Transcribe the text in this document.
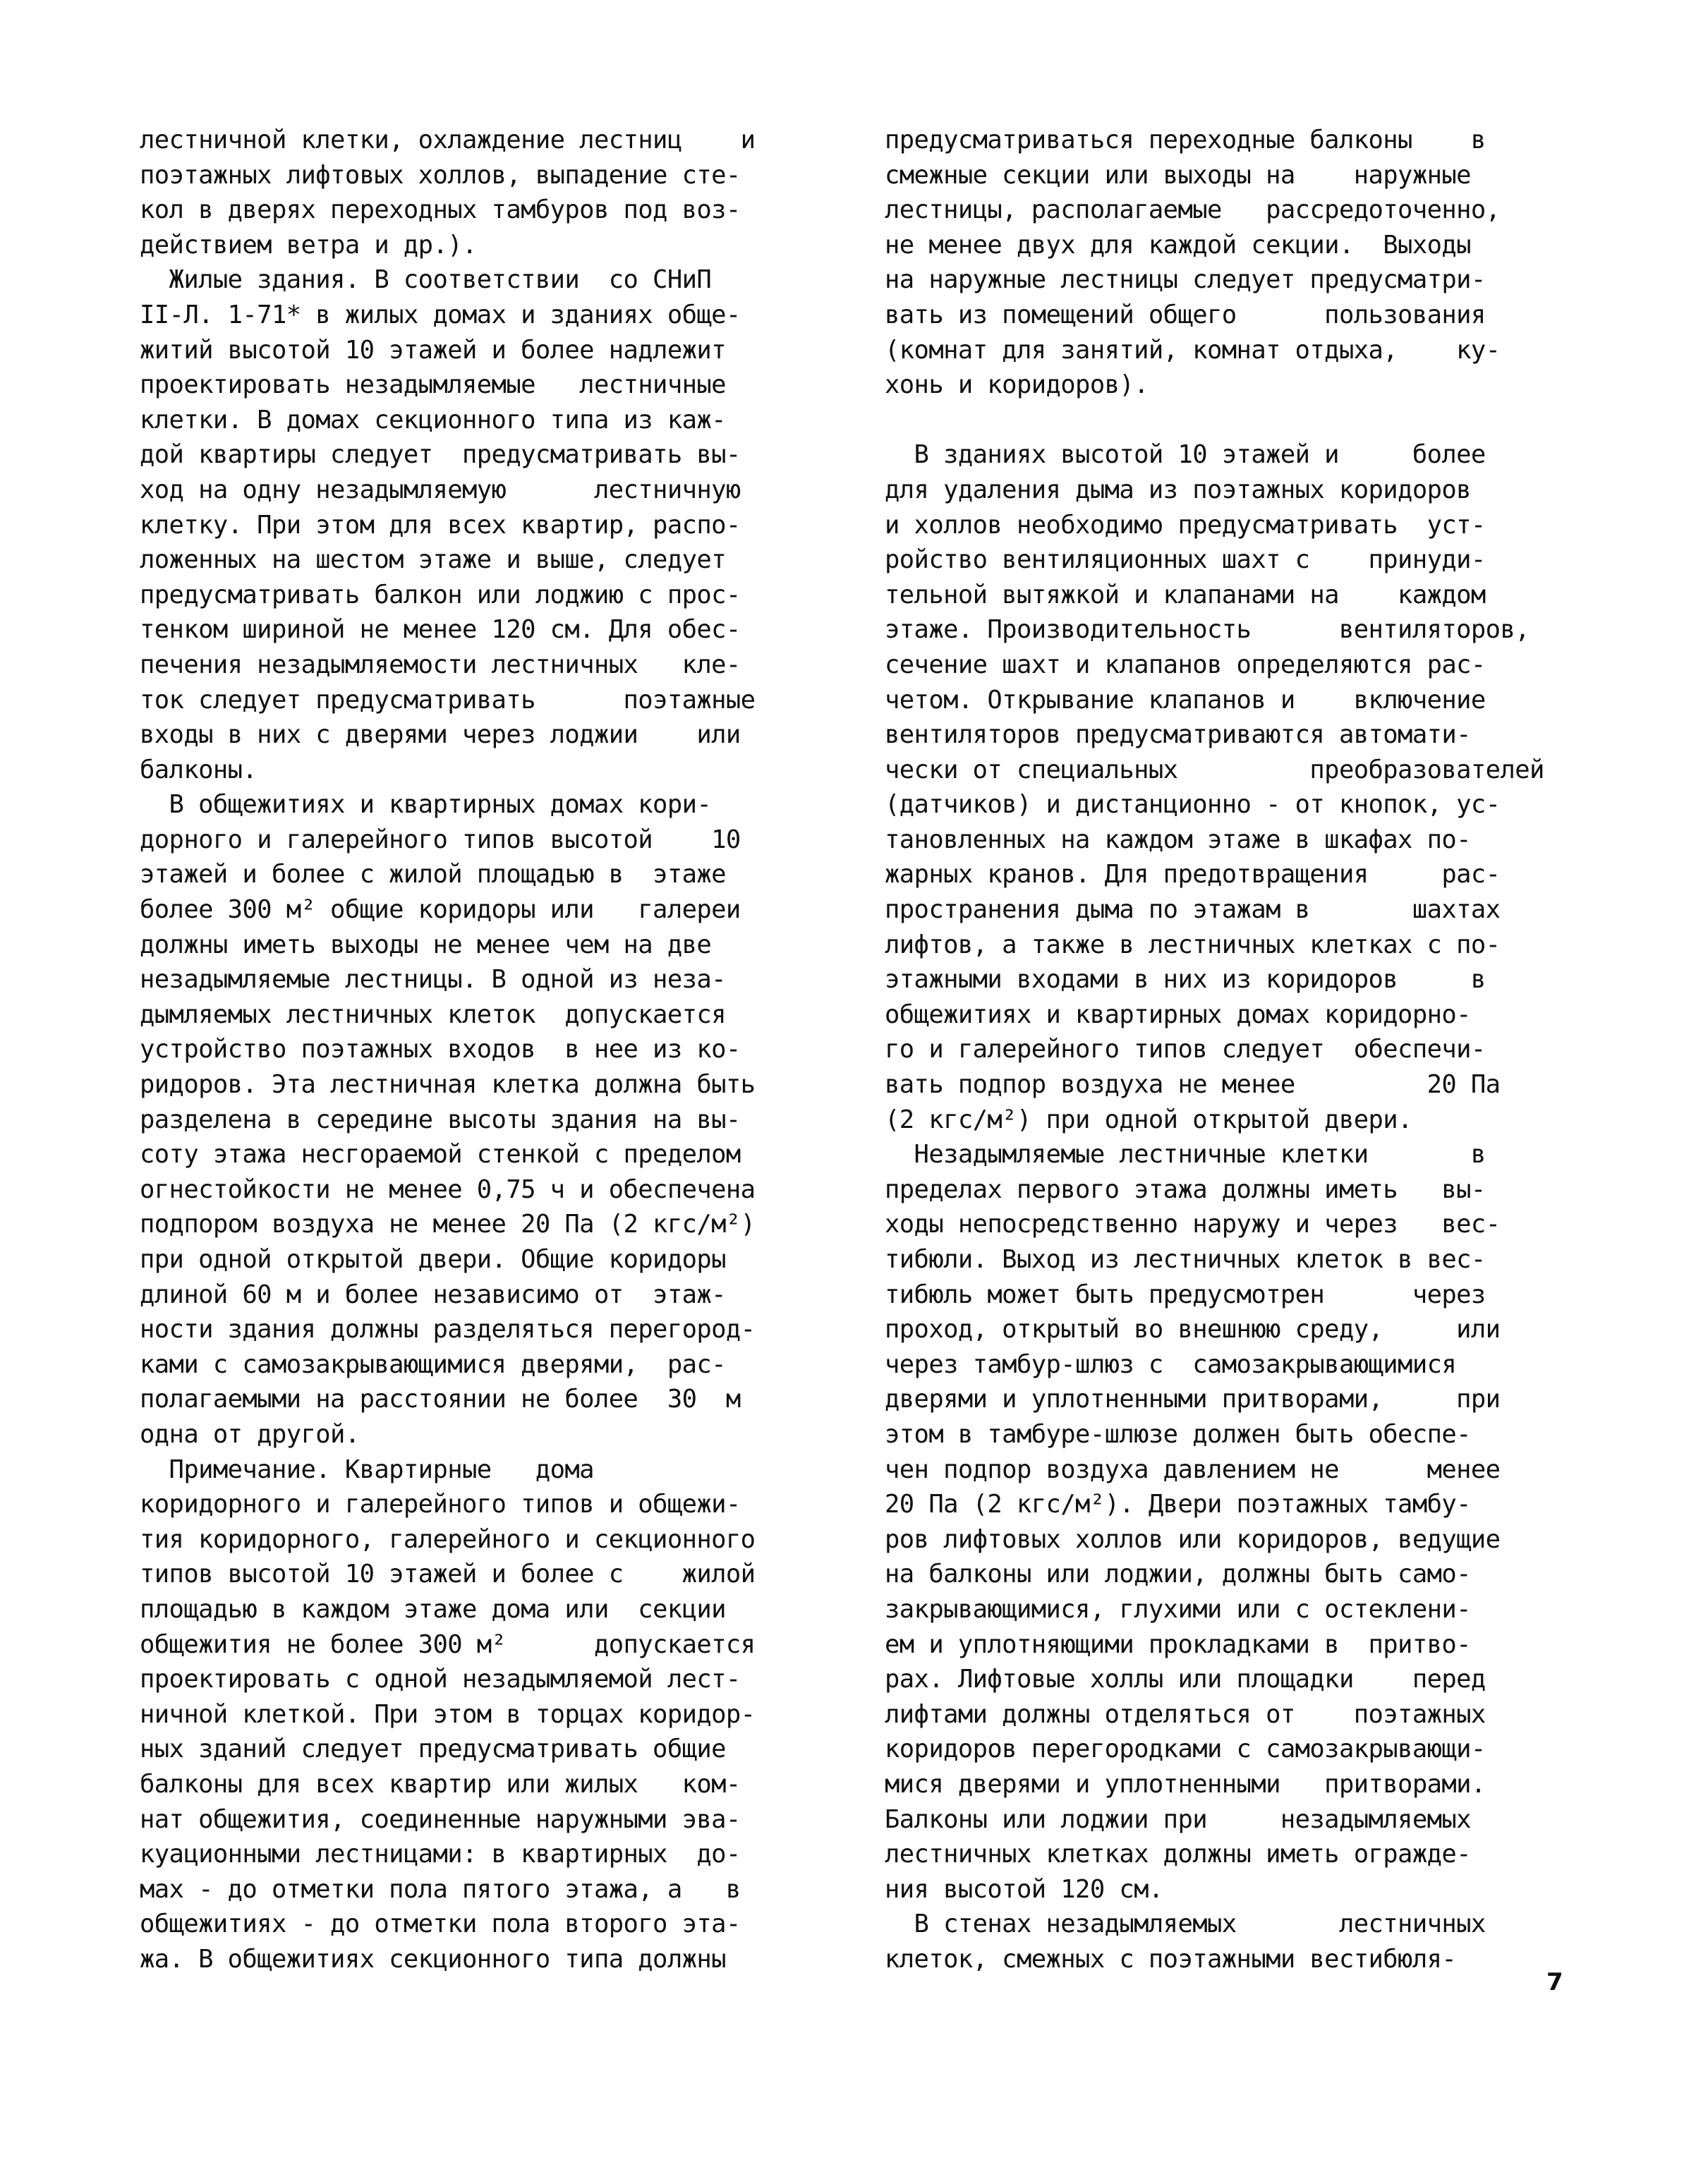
лестничной клетки, охлаждение лестниц    и
поэтажных лифтовых холлов, выпадение сте-
кол в дверях переходных тамбуров под воз-
действием ветра и др.).
Жилые здания. В соответствии  со СНиП
II-Л. 1-71* в жилых домах и зданиях обще-
житий высотой 10 этажей и более надлежит
проектировать незадымляемые   лестничные
клетки. В домах секционного типа из каж-
дой квартиры следует  предусматривать вы-
ход на одну незадымляемую      лестничную
клетку. При этом для всех квартир, распо-
ложенных на шестом этаже и выше, следует
предусматривать балкон или лоджию с прос-
тенком шириной не менее 120 см. Для обес-
печения незадымляемости лестничных   кле-
ток следует предусматривать      поэтажные
входы в них с дверями через лоджии    или
балконы.
В общежитиях и квартирных домах кори-
дорного и галерейного типов высотой    10
этажей и более с жилой площадью в  этаже
более 300 м² общие коридоры или   галереи
должны иметь выходы не менее чем на две
незадымляемые лестницы. В одной из неза-
дымляемых лестничных клеток  допускается
устройство поэтажных входов  в нее из ко-
ридоров. Эта лестничная клетка должна быть
разделена в середине высоты здания на вы-
соту этажа несгораемой стенкой с пределом
огнестойкости не менее 0,75 ч и обеспечена
подпором воздуха не менее 20 Па (2 кгс/м²)
при одной открытой двери. Общие коридоры
длиной 60 м и более независимо от  этаж-
ности здания должны разделяться перегород-
ками с самозакрывающимися дверями,  рас-
полагаемыми на расстоянии не более  30  м
одна от другой.
Примечание. Квартирные   дома
коридорного и галерейного типов и общежи-
тия коридорного, галерейного и секционного
типов высотой 10 этажей и более с    жилой
площадью в каждом этаже дома или  секции
общежития не более 300 м²      допускается
проектировать с одной незадымляемой лест-
ничной клеткой. При этом в торцах коридор-
ных зданий следует предусматривать общие
балконы для всех квартир или жилых   ком-
нат общежития, соединенные наружными эва-
куационными лестницами: в квартирных  до-
мах - до отметки пола пятого этажа, а   в
общежитиях - до отметки пола второго эта-
жа. В общежитиях секционного типа должны
предусматриваться переходные балконы    в
смежные секции или выходы на    наружные
лестницы, располагаемые   рассредоточенно,
не менее двух для каждой секции.  Выходы
на наружные лестницы следует предусматри-
вать из помещений общего      пользования
(комнат для занятий, комнат отдыха,    ку-
хонь и коридоров).
В зданиях высотой 10 этажей и     более
для удаления дыма из поэтажных коридоров
и холлов необходимо предусматривать  уст-
ройство вентиляционных шахт с    принуди-
тельной вытяжкой и клапанами на    каждом
этаже. Производительность      вентиляторов,
сечение шахт и клапанов определяются рас-
четом. Открывание клапанов и    включение
вентиляторов предусматриваются автомати-
чески от специальных         преобразователей
(датчиков) и дистанционно - от кнопок, ус-
тановленных на каждом этаже в шкафах по-
жарных кранов. Для предотвращения     рас-
пространения дыма по этажам в       шахтах
лифтов, а также в лестничных клетках с по-
этажными входами в них из коридоров     в
общежитиях и квартирных домах коридорно-
го и галерейного типов следует  обеспечи-
вать подпор воздуха не менее         20 Па
(2 кгс/м²) при одной открытой двери.
Незадымляемые лестничные клетки       в
пределах первого этажа должны иметь   вы-
ходы непосредственно наружу и через   вес-
тибюли. Выход из лестничных клеток в вес-
тибюль может быть предусмотрен      через
проход, открытый во внешнюю среду,     или
через тамбур-шлюз с  самозакрывающимися
дверями и уплотненными притворами,     при
этом в тамбуре-шлюзе должен быть обеспе-
чен подпор воздуха давлением не      менее
20 Па (2 кгс/м²). Двери поэтажных тамбу-
ров лифтовых холлов или коридоров, ведущие
на балконы или лоджии, должны быть само-
закрывающимися, глухими или с остеклени-
ем и уплотняющими прокладками в  притво-
рах. Лифтовые холлы или площадки    перед
лифтами должны отделяться от    поэтажных
коридоров перегородками с самозакрывающи-
мися дверями и уплотненными   притворами.
Балконы или лоджии при     незадымляемых
лестничных клетках должны иметь огражде-
ния высотой 120 см.
В стенах незадымляемых       лестничных
клеток, смежных с поэтажными вестибюля-
7
